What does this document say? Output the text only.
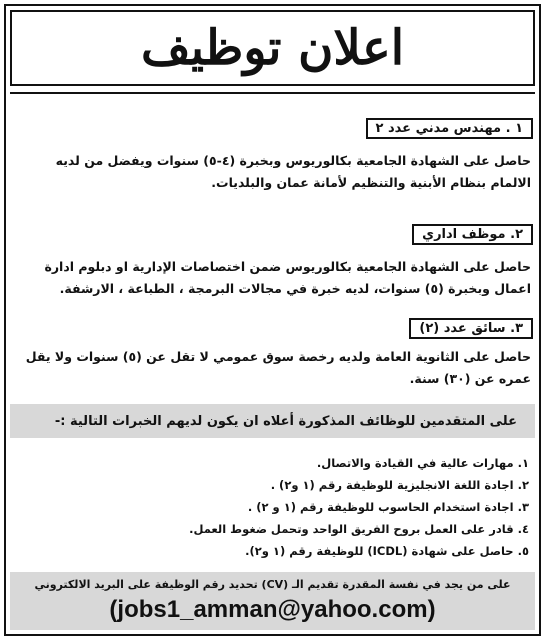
اعلان توظيف
١ . مهندس مدني عدد ٢
حاصل على الشهادة الجامعية بكالوريوس وبخبرة (٤-٥) سنوات ويفضل من لديه الالمام بنظام الأبنية والتنظيم لأمانة عمان والبلديات.
٢. موظف اداري
حاصل على الشهادة الجامعية بكالوريوس ضمن اختصاصات الإدارية او دبلوم ادارة اعمال وبخبرة (٥) سنوات، لديه خبرة في مجالات البرمجة ، الطباعة ، الارشفة.
٣. سائق عدد (٢)
حاصل على الثانوية العامة ولديه رخصة سوق عمومي لا تقل عن (٥) سنوات ولا يقل عمره عن (٣٠) سنة.
على المتقدمين للوظائف المذكورة أعلاه ان يكون لديهم الخبرات التالية :-
١. مهارات عالية في القيادة والاتصال.
٢. اجادة اللغة الانجليزية للوظيفة رقم (١ و٢) .
٣. اجادة استخدام الحاسوب للوظيفة رقم (١ و ٢) .
٤. قادر على العمل بروح الفريق الواحد وتحمل ضغوط العمل.
٥. حاصل على شهادة (ICDL) للوظيفة رقم (١ و٢).
على من يجد في نفسة المقدرة تقديم الـ (CV) تحديد رقم الوظيفة على البريد الالكتروني
(jobs1_amman@yahoo.com)
